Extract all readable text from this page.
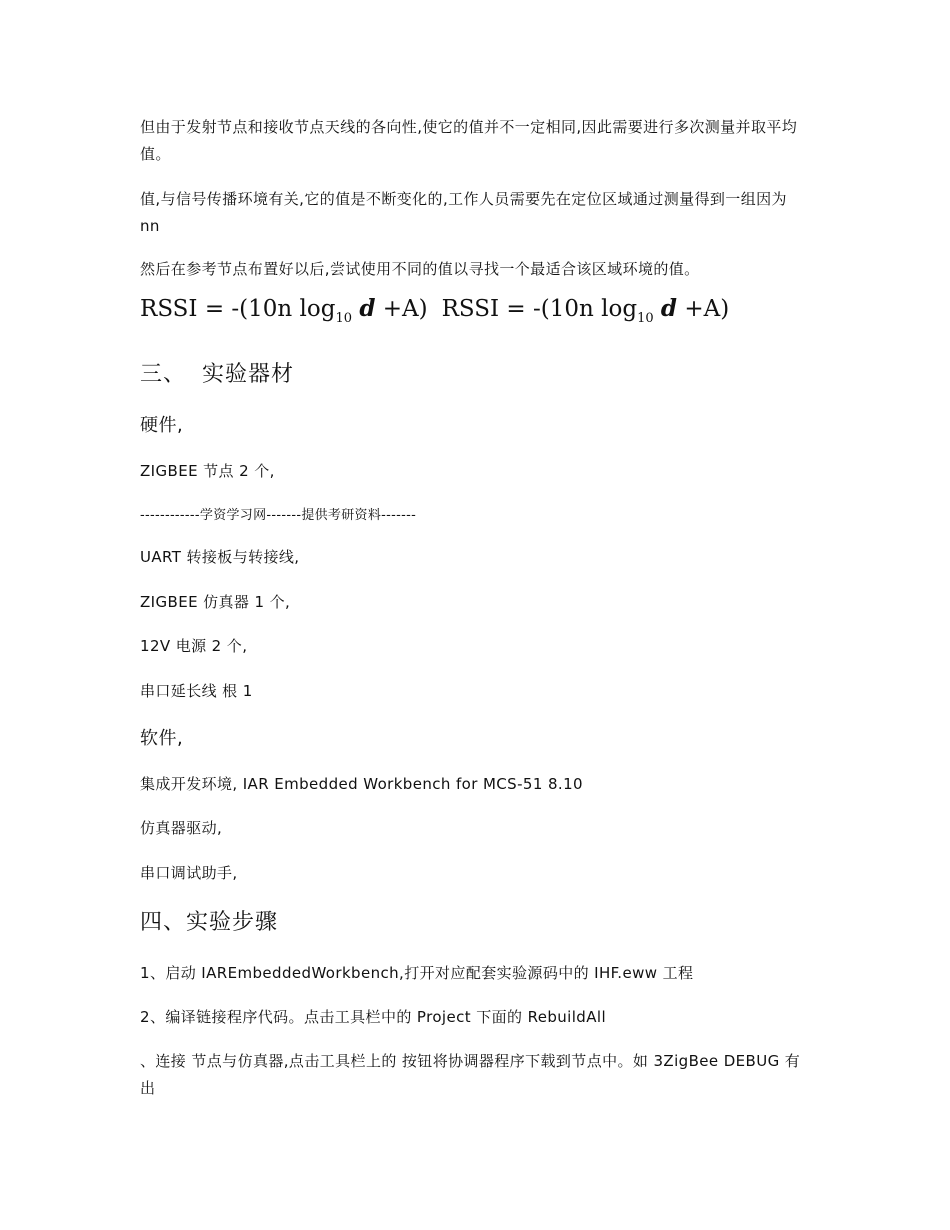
但由于发射节点和接收节点天线的各向性,使它的值并不一定相同,因此需要进行多次测量并取平均值。
值,与信号传播环境有关,它的值是不断变化的,工作人员需要先在定位区域通过测量得到一组因为 nn
然后在参考节点布置好以后,尝试使用不同的值以寻找一个最适合该区域环境的值。
RSSI = -(10n $\log_{10} d +A$) RSSI = -(10n $\log_{10} d +A$)
三、  实验器材
硬件,
ZIGBEE 节点 2 个,
------------学资学习网-------提供考研资料-------
UART 转接板与转接线,
ZIGBEE 仿真器 1 个,
12V 电源 2 个,
串口延长线 根 1
软件,
集成开发环境, IAR Embedded Workbench for MCS-51 8.10
仿真器驱动,
串口调试助手,
四、实验步骤
1、启动 IAREmbeddedWorkbench,打开对应配套实验源码中的 IHF.eww 工程
2、编译链接程序代码。点击工具栏中的 Project 下面的 RebuildAll
、连接 节点与仿真器,点击工具栏上的 按钮将协调器程序下载到节点中。如 3ZigBee DEBUG 有出
